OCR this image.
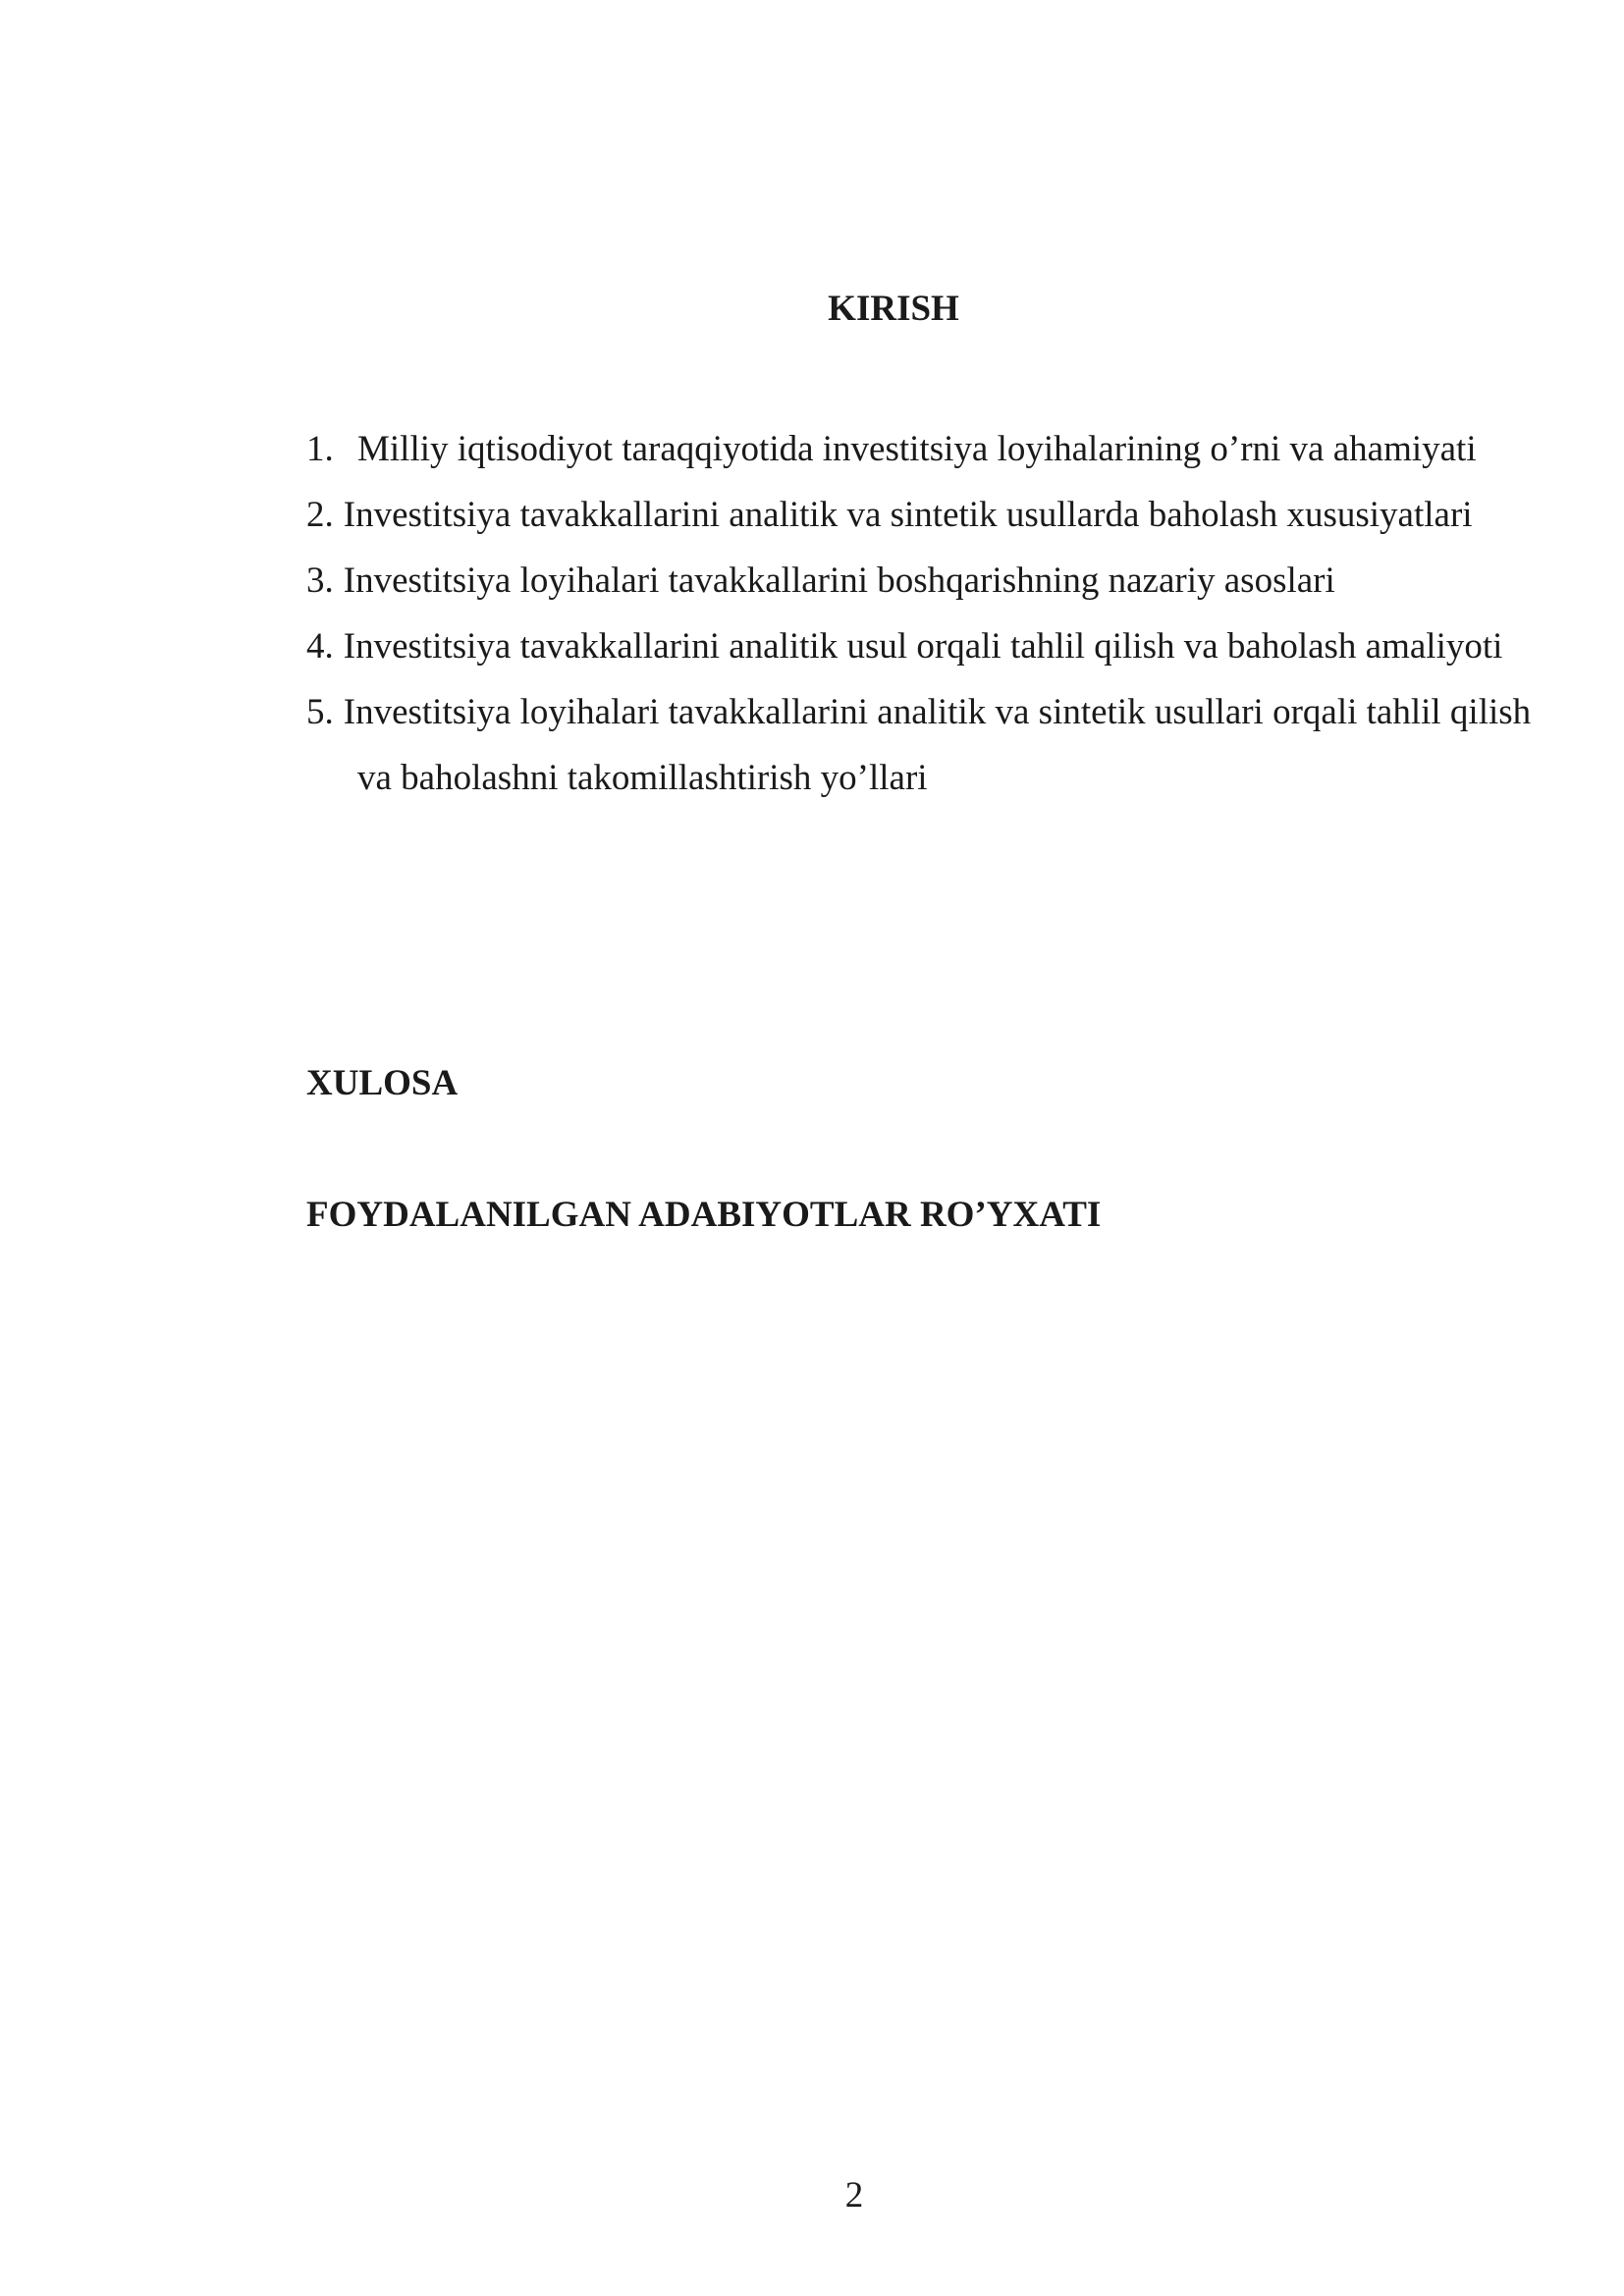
KIRISH
1. Milliy iqtisodiyot taraqqiyotida investitsiya loyihalarining o’rni va ahamiyati
2. Investitsiya tavakkallarini analitik va sintetik usullarda baholash xususiyatlari
3. Investitsiya loyihalari tavakkallarini boshqarishning nazariy asoslari
4. Investitsiya tavakkallarini analitik usul orqali tahlil qilish va baholash amaliyoti
5. Investitsiya loyihalari tavakkallarini analitik va sintetik usullari orqali tahlil qilish va baholashni takomillashtirish yo’llari
XULOSA
FOYDALANILGAN ADABIYOTLAR RO’YXATI
2
